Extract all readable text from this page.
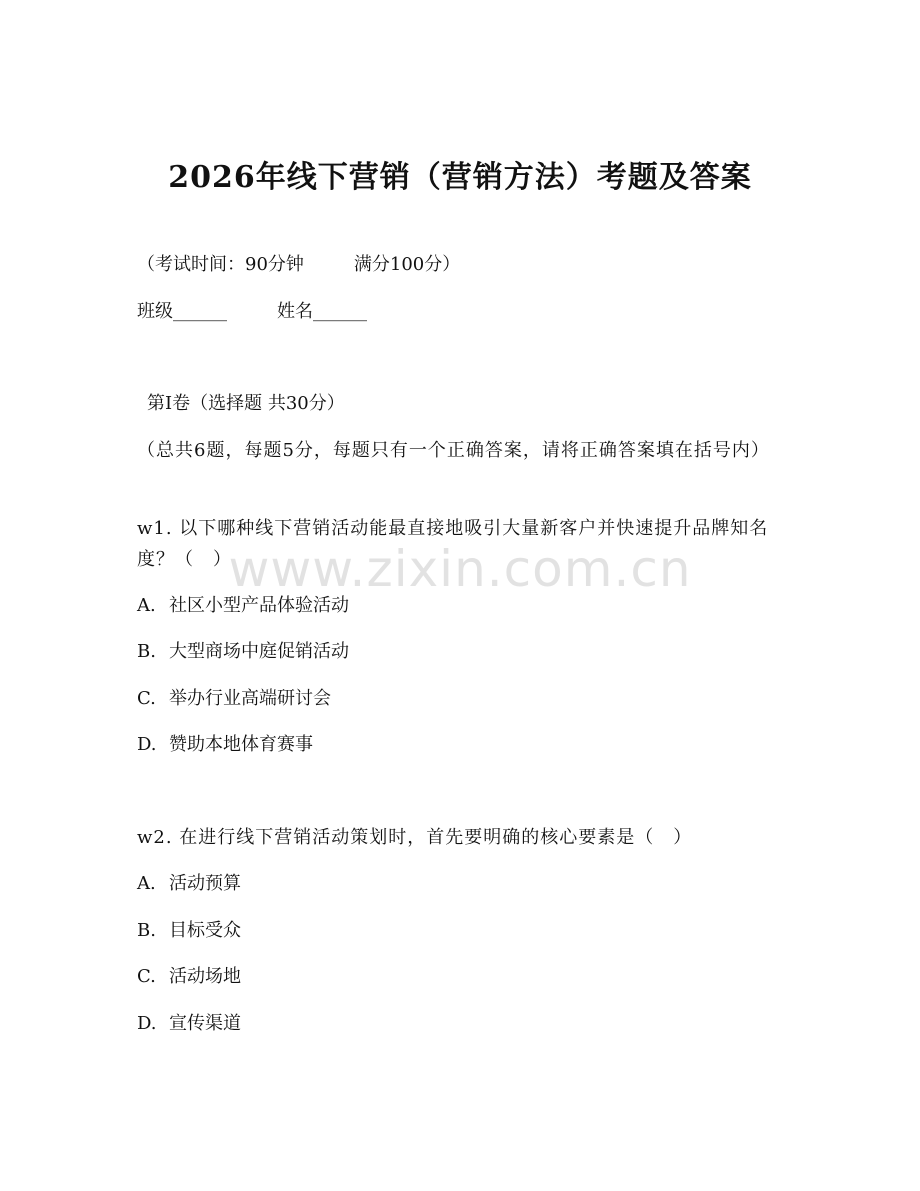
2026年线下营销（营销方法）考题及答案
（考试时间：90分钟	满分100分）
班级______	姓名______
第Ⅰ卷（选择题 共30分）
（总共6题，每题5分，每题只有一个正确答案，请将正确答案填在括号内）
w1. 以下哪种线下营销活动能最直接地吸引大量新客户并快速提升品牌知名度？（　）
A. 社区小型产品体验活动
B. 大型商场中庭促销活动
C. 举办行业高端研讨会
D. 赞助本地体育赛事
w2. 在进行线下营销活动策划时，首先要明确的核心要素是（　）
A. 活动预算
B. 目标受众
C. 活动场地
D. 宣传渠道
www.zixin.com.cn
